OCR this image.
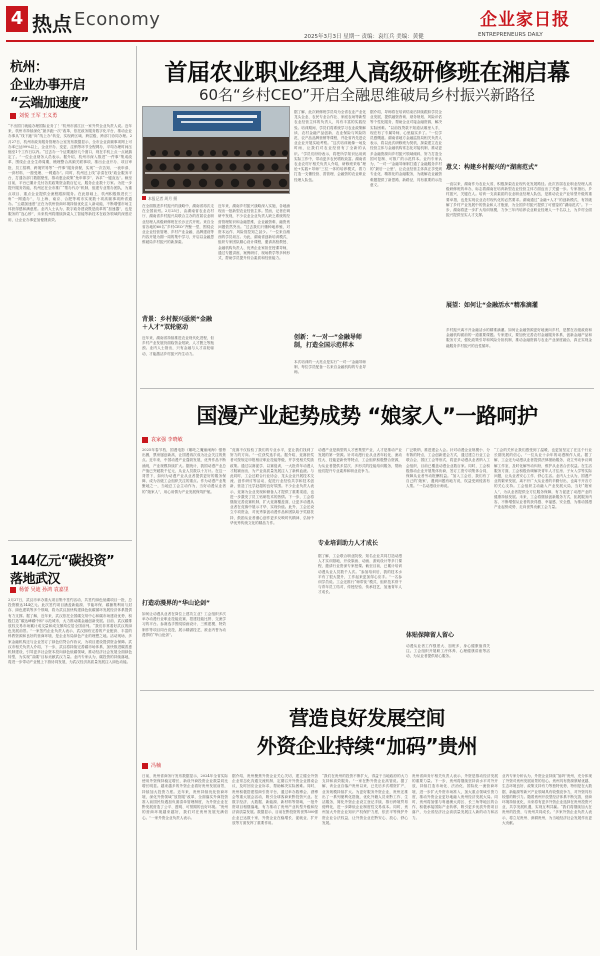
4 热点 Economy	企业家日报
2025年3月3日 星期一 责编：袁红兵 美编：黄健	ENTREPRENEURS DAILY
杭州：
企业办事开启
“云端加速度”
刘悦 王军 王义勇
“不出国门就能办理国际业务了！”杭州市滨江区一家外贸企业负责人说。近年来，杭州市持续深化“最多跑一次”改革，依托政务服务数字化平台，推动企业办事从“线下跑”向“线上办”转变，实现跨区域、跨层级、跨部门协同办理。2月27日，杭州市政务服务管理办公室发布数据显示，全市企业高频事项网上可办率已达99%以上，企业开办、变更、注销等环节全程网办，平均办理时间压缩至1个工作日以内。“过去办一个证要跑好几个窗口，现在手机上点一点就搞定了。”一位企业财务人员表示。据介绍，杭州市深入推进“一件事”集成改革，围绕企业全生命周期，梳理整合高频关联事项，推出企业开办、项目审批、员工招聘、跨境贸易等“一件事”服务套餐，实现“一次告知、一表申请、一套材料、一窗受理、一网通办”。同时，杭州还上线“亲清在线”政企服务平台，打通各部门数据壁垒，推动惠企政策“免申即享”、诉求“一键直达”。截至目前，平台已累计兑付各类政策资金数百亿元，服务企业数十万家。为进一步提升服务效能，杭州还在全市推广“帮办代办”机制，组建专业帮办团队，为重点项目、重点企业提供全流程跟踪服务。在此基础上，杭州积极推进长三角“一网通办”，与上海、南京、合肥等城市实现数十项高频事项跨省通办。“云端加速度”正在为杭州营商环境持续优化注入新动能，不断增强市场主体获得感和满意度。业内人士认为，数字政务建设既是改革的“加速器”，也是服务的“连心桥”，未来杭州将继续探索人工智能等新技术在政务领域的深度应用，让企业办事更加便捷高效。
144亿元“碳投资”
落地武汉
杨蕾 吴迪 孙鸿 袁嘉里
2月27日，武汉市举办重大项目集中签约活动，共签约绿色低碳项目一批，总投资额达144亿元。此次签约项目涵盖新能源、节能环保、碳捕集利用与封存、绿色建筑等多个领域，将为武汉加快构建绿色低碳循环发展经济体系提供有力支撑。据了解，近年来，武汉依托全国碳交易中心和碳市场建设优势，积极打造“碳达峰碳中和”示范城市，大力推动碳金融创新发展。目前，武汉碳排放权交易市场累计成交量和成交额均位居全国前列。“我们非常看好武汉的绿色发展前景。”一家签约企业负责人表示，武汉拥有完善的产业配套、丰富的科教资源和良好的营商环境，是企业布局绿色产业的理想之地。活动现场，多家金融机构还与企业签订了绿色信贷合作协议，为项目建设提供资金保障。武汉市相关负责人介绍，下一步，武汉将持续完善碳市场体系，加快推进碳普惠机制建设，引导更多社会资本投向绿色低碳领域，推动经济社会发展全面绿色转型，为实现“双碳”目标贡献武汉力量。业内专家认为，碳投资的持续落地，将进一步带动产业链上下游协同发展，为武汉经济高质量发展注入绿色动能。
首届农业职业经理人高级研修班在湘启幕
60名“乡村CEO”开启全融思维破局乡村振兴新路径
本报记者 周月 摄
在全面推进乡村振兴的战略中，湖南省再次走在全国前列。2月25日，由湖南省农业农村厅、湖南省乡村振兴局联合主办的首届农业职业经理人高级研修班在长沙正式开班。来自全省各地的60名“乡村CEO”齐聚一堂，围绕农业企业经营管理、乡村产业金融、品牌建设等内容开展为期一周的集中学习，开启以金融思维破局乡村振兴的新探索。
背景：乡村振兴亟须“金融＋人才”双轮驱动
近年来，湖南省持续推进农业现代化进程，但乡村产业发展仍面临资金短缺、人才匮乏等瓶颈。业内人士指出，只有金融与人才双轮驱动，才能激活乡村振兴内生动力。
近年来，湖南乡村振兴战略深入实施，各地涌现出一批新型农业经营主体。然而，记者在调研中发现，不少农业企业负责人缺乏系统的经营管理知识和金融思维，企业融资难、融资贵问题依然突出。“过去我们只懂种地养殖，对资本运作、风险管控知之甚少。”一位来自湘西的学员坦言。为此，湖南省创新培训模式，组织专家团队精心设计课程，邀请高校教授、金融机构负责人、优秀企业家担任授课导师，通过专题讲座、案例研讨、现场教学等多种形式，帮助学员提升综合素质和经营能力。
据了解，此次研修班学员均为全省农业产业化龙头企业、农民专业合作社、家庭农场等新型农业经营主体的负责人，具有丰富的实践经验。培训期间，学员们将系统学习农业政策解读、农村金融产品创新、农业保险与风险防范、农产品品牌营销等课程，并赴省内先进农业企业开展实地考察。“这次培训就像一场及时雨，让我们对农业经营有了全新的认识。”学员们纷纷表示，将把所学知识运用到实际工作中，带动更多农民增收致富。湖南省农业农村厅相关负责人介绍，研修班采取“理论+实践+导师”三位一体的培养模式，着力打造一支懂经营、善管理、会融资的农业职业经理人队伍。
创新：“一对一”金融导师制，打造全国示范样本
本次培训的一大亮点是实行“一对一”金融导师制，每位学员配备一名来自金融机构的专业导师。
据介绍，导师将在培训结束后持续跟踪学员企业发展，提供融资咨询、财务规划、风险评估等个性化服务，帮助企业对接金融资源，解决实际困难。“以前找贷款不知道从哪里入手，现在有了专属导师，心里踏实多了。”一位学员感慨道。湖南省地方金融监管局相关负责人表示，将以此次研修班为契机，探索建立农业经营主体与金融机构常态化对接机制，推动更多金融资源向乡村振兴领域倾斜，努力打造全国可复制、可推广的示范样本。业内专家认为，“一对一”金融导师制打通了金融服务乡村的“最后一公里”，让农业经营主体真正享受到专业化、精准化的金融服务，为破解农业融资难题提供了新思路、新路径，具有重要的示范意义。
意义：构建乡村振兴的“湖南范式”
一直以来，湖南作为农业大省，积极探索农业现代化发展路径。此次首届农业职业经理人高级研修班的举办，标志着湖南在培育新型农业经营主体方面迈出了关键一步。专家指出，乡村振兴，关键在人。培育一支高素质的农业职业经理人队伍，是推动农业产业转型升级的重要举措，也是实现农业农村现代化的必然要求。湖南通过“金融+人才”的创新模式，有效破解了乡村产业发展中的资金和人才瓶颈，为全国乡村振兴提供了可借鉴的“湖南范式”。下一步，湖南将进一步扩大培训规模，力争三年内培养农业职业经理人一千名以上，为乡村全面振兴提供坚实人才支撑。
展望：如何让“金融活水”精准滴灌
乡村振兴离不开金融活水的精准滴灌。如何让金融资源更好地流向乡村，是摆在各级政府和金融机构面前的一道重要课题。专家建议，要加快完善农村金融服务体系，创新金融产品和服务方式，强化政策引导和风险分担机制，推动金融资源与农业产业深度融合，真正实现金融服务乡村振兴的良性循环。
国漫产业起势成势 “娘家人”一路呵护
袁家强 李晓敏
2025年春节档，国漫电影《哪吒之魔童闹海》强势出圈，票房屡创新高，让国漫再次成为社会关注的焦点。近年来，中国动漫产业蓬勃发展，优秀作品不断涌现，产业规模持续扩大。据统计，我国动漫产业总产值已突破数千亿元，从业人员数以十万计。在这一背景下，如何为动漫产业从业者提供更好的服务保障，成为各级工会组织关注的重点。作为动漫产业集聚地之一，当地总工会主动作为，当好动漫从业者的“娘家人”，用心用情为产业发展保驾护航。
打造动漫界的“华山论剑”
如何让动漫从业者在岗位上建功立业？工会组织多次举办动漫行业职业技能竞赛，搭建技能比拼、交流学习的平台。参赛选手围绕原画设计、三维建模、特效制作等项目同台竞技，展示精湛技艺，被业内誉为动漫界的“华山论剑”。
“竞赛不仅检验了我们的专业水平，更让我们找到了努力的方向。”一位获奖选手说。据介绍，竞赛获奖者可按规定申报相应职业技能等级，并享受相关奖励政策。通过以赛促学、以赛促训，一大批青年动漫人才脱颖而出，为产业高质量发展注入了新鲜血液。与此同时，工会还联合行业协会、龙头企业开展技术交流、创作研讨等活动，促进行业经验共享和技术创新，营造了比学赶超的良好氛围。不少企业负责人表示，竞赛为企业发现和储备人才提供了重要渠道，也进一步激发了员工钻研技术的热情。下一步，工会将继续完善竞赛机制，扩大竞赛覆盖面，让更多动漫从业者在竞赛中展示才华、实现价值。此外，工会还设立专项资金，对优秀原创动漫作品和团队给予奖励扶持，鼓励从业者潜心创作更多反映时代精神、弘扬中华优秀传统文化的精品力作。
专业培训助力人才成长
动漫产业是典型的人才密集型产业，人才是推动产业发展的第一资源。针对动漫行业从业者年轻化、流动性大、技能更新快等特点，工会组织积极整合资源，为从业者提供多层次、多形式的技能培训服务，帮助他们提升专业素养和职业竞争力。
据了解，工会联合职业院校、知名企业共同打造动漫人才实训基地，开设原画、动画、游戏设计等多门课程，邀请行业资深专家授课。截至目前，已累计培训动漫从业人员数千人次。“参加培训后，我的技术水平有了很大提升，工作起来更加得心应手。”一名参训学员说。工会还推行“师带徒”模式，组织技术骨干与青年员工结对，传授经验、传承技艺，加速青年人才成长。
广泛吸纳，推进建会入会。针对动漫企业规模小、分布散的特点，工会创新建会方式，通过建立行业工会联合会、园区工会等形式，将更多动漫从业者纳入工会组织，目前已覆盖动漫企业数百家。同时，工会积极推动企业开展集体协商，签订工资专项集体合同，保障从业者劳动报酬权益。“加入工会后，我们有了自己的‘娘家’，遇到问题有地方说，权益受到侵害有人帮。”一名动漫设计师说。
体贴保障留人留心
动漫从业者工作强度大、加班多，身心健康值得关注。工会组织开展职工疗休养、心理健康讲座等活动，为从业者提供贴心服务。
“工会的关怀让我们感受到了温暖，也更加坚定了在这个行业长期发展的信心。”一位从业十余年的动漫制作人说。据了解，工会还为动漫从业者提供法律援助服务，设立劳动争议调解工作室，及时化解劳动纠纷，维护从业者合法权益。在生活服务方面，工会积极协调解决青年人才住房、子女入学等实际问题，让从业者安心工作、舒心生活。业内人士认为，国漫产业的繁荣发展，离不开广大从业者的辛勤付出，也离不开各方的关心支持。工会组织主动融入产业发展大局，当好“娘家人”，为从业者提供全方位服务保障，有力促进了动漫产业的健康持续发展。未来，工会将继续创新服务方式，拓展服务内容，不断增强从业者的获得感、幸福感、安全感，为推动国漫产业起势成势、走向世界贡献工会力量。
营造良好发展空间
外资企业持续“加码”贵州
冯楠
日前，贵州省商务厅发布数据显示，2024年全省实际使用外资保持稳定增长，新设外商投资企业数量同比增长明显。越来越多的外资企业看好贵州发展前景，持续加大投资力度。近年来，贵州持续优化营商环境，深化外资领域“放管服”改革，全面落实外商投资准入前国民待遇加负面清单管理制度，为外资企业在黔发展营造了公平、透明、可预期的良好环境。“贵州的营商环境越来越好，我们对在贵州发展充满信心。”一家外资企业负责人表示。
据介绍，贵州聚焦外资企业关心关切，建立健全外资企业常态化沟通交流机制，定期召开外资企业圆桌会议，及时回应企业诉求，帮助解决实际困难。同时，贵州积极搭建招商引资平台，通过举办数博会、酒博会等重大展会活动，吸引全球客商来黔投资兴业。在数字经济、大数据、新能源、新材料等领域，一批外资项目相继落地，有力推动了贵州产业转型升级和经济高质量发展。数据显示，目前在黔投资的世界500强企业已达数十家，外资企业在稳增长、促就业、扩开放等方面发挥了重要作用。
“我们在贵州的投资不断扩大，得益于当地政府的大力支持和高效服务。”一家在黔外资企业高管说。据了解，该企业自落户贵州以来，已先后多次增资扩产，业务规模持续扩大。为更好服务外资企业，贵州还推出了一系列便利化措施，优化外籍人员来黔工作、生活服务，简化外资企业设立登记手续，推行跨境贸易便利化，进一步降低企业制度性交易成本。同时，贵州加大外资企业知识产权保护力度，依法平等保护外资企业合法权益，让外资企业在黔安心、放心、舒心发展。
贵州省商务厅相关负责人表示，外资是推动经济发展的重要力量。下一步，贵州将继续坚持高水平对外开放，持续打造市场化、法治化、国际化一流营商环境，进一步扩大外资市场准入，加大重点领域引资力度，推动外资企业更好地融入贵州经济发展大局。同时，贵州将加强与粤港澳大湾区、长三角等地区的合作，积极承接国际产业转移，吸引更多优质外资项目落户，为全省经济社会高质量发展注入新的动力和活力。
业内专家分析认为，外资企业持续“加码”贵州，充分体现了外资对贵州发展前景的信心。贵州具有资源禀赋优越、生态环境良好、政策支持有力等独特优势，特别是在大数据、新能源等新兴产业领域具有较强竞争力，对外资具有较强的吸引力。随着贵州开放型经济体系不断完善，营商环境持续优化，未来将有更多外资企业选择在贵州投资兴业，共享发展机遇，实现互利共赢。“我们将继续加大在贵州的投资，与贵州共同成长。”多家外资企业负责人表示，将立足贵州、深耕贵州，为当地经济社会发展作出更大贡献。
